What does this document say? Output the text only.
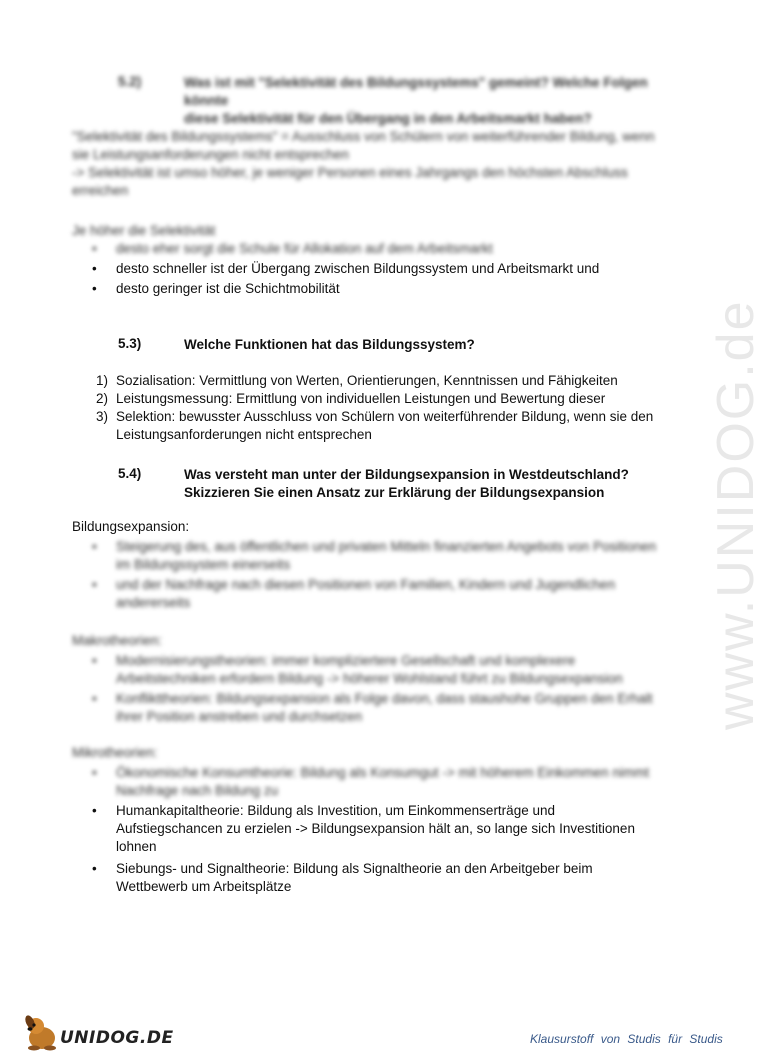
www.UNIDOG.de
5.2)	Was ist mit "Selektivität des Bildungssystems" gemeint? Welche Folgen könnte
diese Selektivität für den Übergang in den Arbeitsmarkt haben?
"Selektivität des Bildungssystems" = Ausschluss von Schülern von weiterführender Bildung, wenn
sie Leistungsanforderungen nicht entsprechen
-> Selektivität ist umso höher, je weniger Personen eines Jahrgangs den höchsten Abschluss
erreichen
Je höher die Selektivität
• desto eher sorgt die Schule für Allokation auf dem Arbeitsmarkt
• desto schneller ist der Übergang zwischen Bildungssystem und Arbeitsmarkt und
• desto geringer ist die Schichtmobilität
5.3)	Welche Funktionen hat das Bildungssystem?
1) Sozialisation: Vermittlung von Werten, Orientierungen, Kenntnissen und Fähigkeiten
2) Leistungsmessung: Ermittlung von individuellen Leistungen und Bewertung dieser
3) Selektion: bewusster Ausschluss von Schülern von weiterführender Bildung, wenn sie den
Leistungsanforderungen nicht entsprechen
5.4)	Was versteht man unter der Bildungsexpansion in Westdeutschland?
Skizzieren Sie einen Ansatz zur Erklärung der Bildungsexpansion
Bildungsexpansion:
• Steigerung des, aus öffentlichen und privaten Mitteln finanzierten Angebots von Positionen
im Bildungssystem einerseits
• und der Nachfrage nach diesen Positionen von Familien, Kindern und Jugendlichen
andererseits
Makrotheorien:
• Modernisierungstheorien: immer kompliziertere Gesellschaft und komplexere
Arbeitstechniken erfordern Bildung -> höherer Wohlstand führt zu Bildungsexpansion
• Konflikttheorien: Bildungsexpansion als Folge davon, dass staushohe Gruppen den Erhalt
ihrer Position anstreben und durchsetzen
Mikrotheorien:
• Ökonomische Konsumtheorie: Bildung als Konsumgut -> mit höherem Einkommen nimmt
Nachfrage nach Bildung zu
• Humankapitaltheorie: Bildung als Investition, um Einkommenserträge und
Aufstiegschancen zu erzielen -> Bildungsexpansion hält an, so lange sich Investitionen
lohnen
• Siebungs- und Signaltheorie: Bildung als Signaltheorie an den Arbeitgeber beim
Wettbewerb um Arbeitsplätze
UNIDOG.DE	Klausurstoff von Studis für Studis
